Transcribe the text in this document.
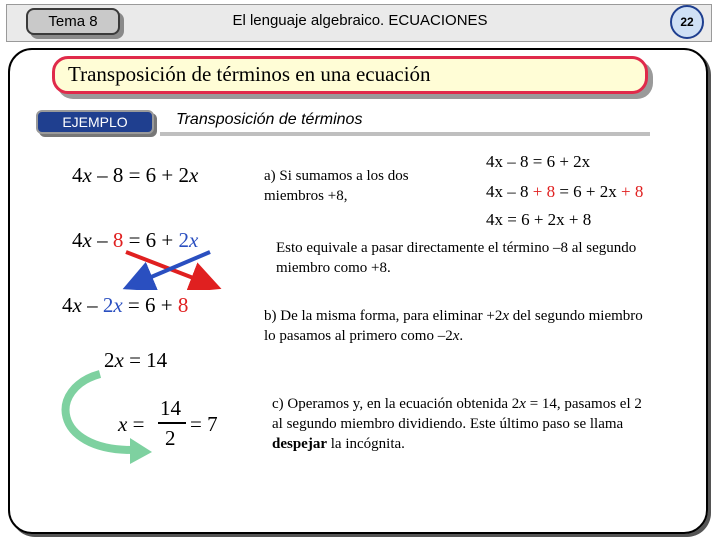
Tema 8	El lenguaje algebraico. ECUACIONES	22
Transposición de términos en una ecuación
EJEMPLO	Transposición de términos
4x – 8 = 6 + 2x
4x – 8 = 6 + 2x
4x – 2x = 6 + 8
2x = 14
x =
14
2
= 7
a) Si sumamos a los dos miembros +8,
4x – 8 = 6 + 2x
4x – 8 + 8 = 6 + 2x + 8
4x = 6 + 2x + 8
Esto equivale a pasar directamente el término –8 al segundo miembro como +8.
b) De la misma forma, para eliminar +2x del segundo miembro lo pasamos al primero como –2x.
c) Operamos y, en la ecuación obtenida 2x = 14, pasamos el 2 al segundo miembro dividiendo. Este último paso se llama despejar la incógnita.
